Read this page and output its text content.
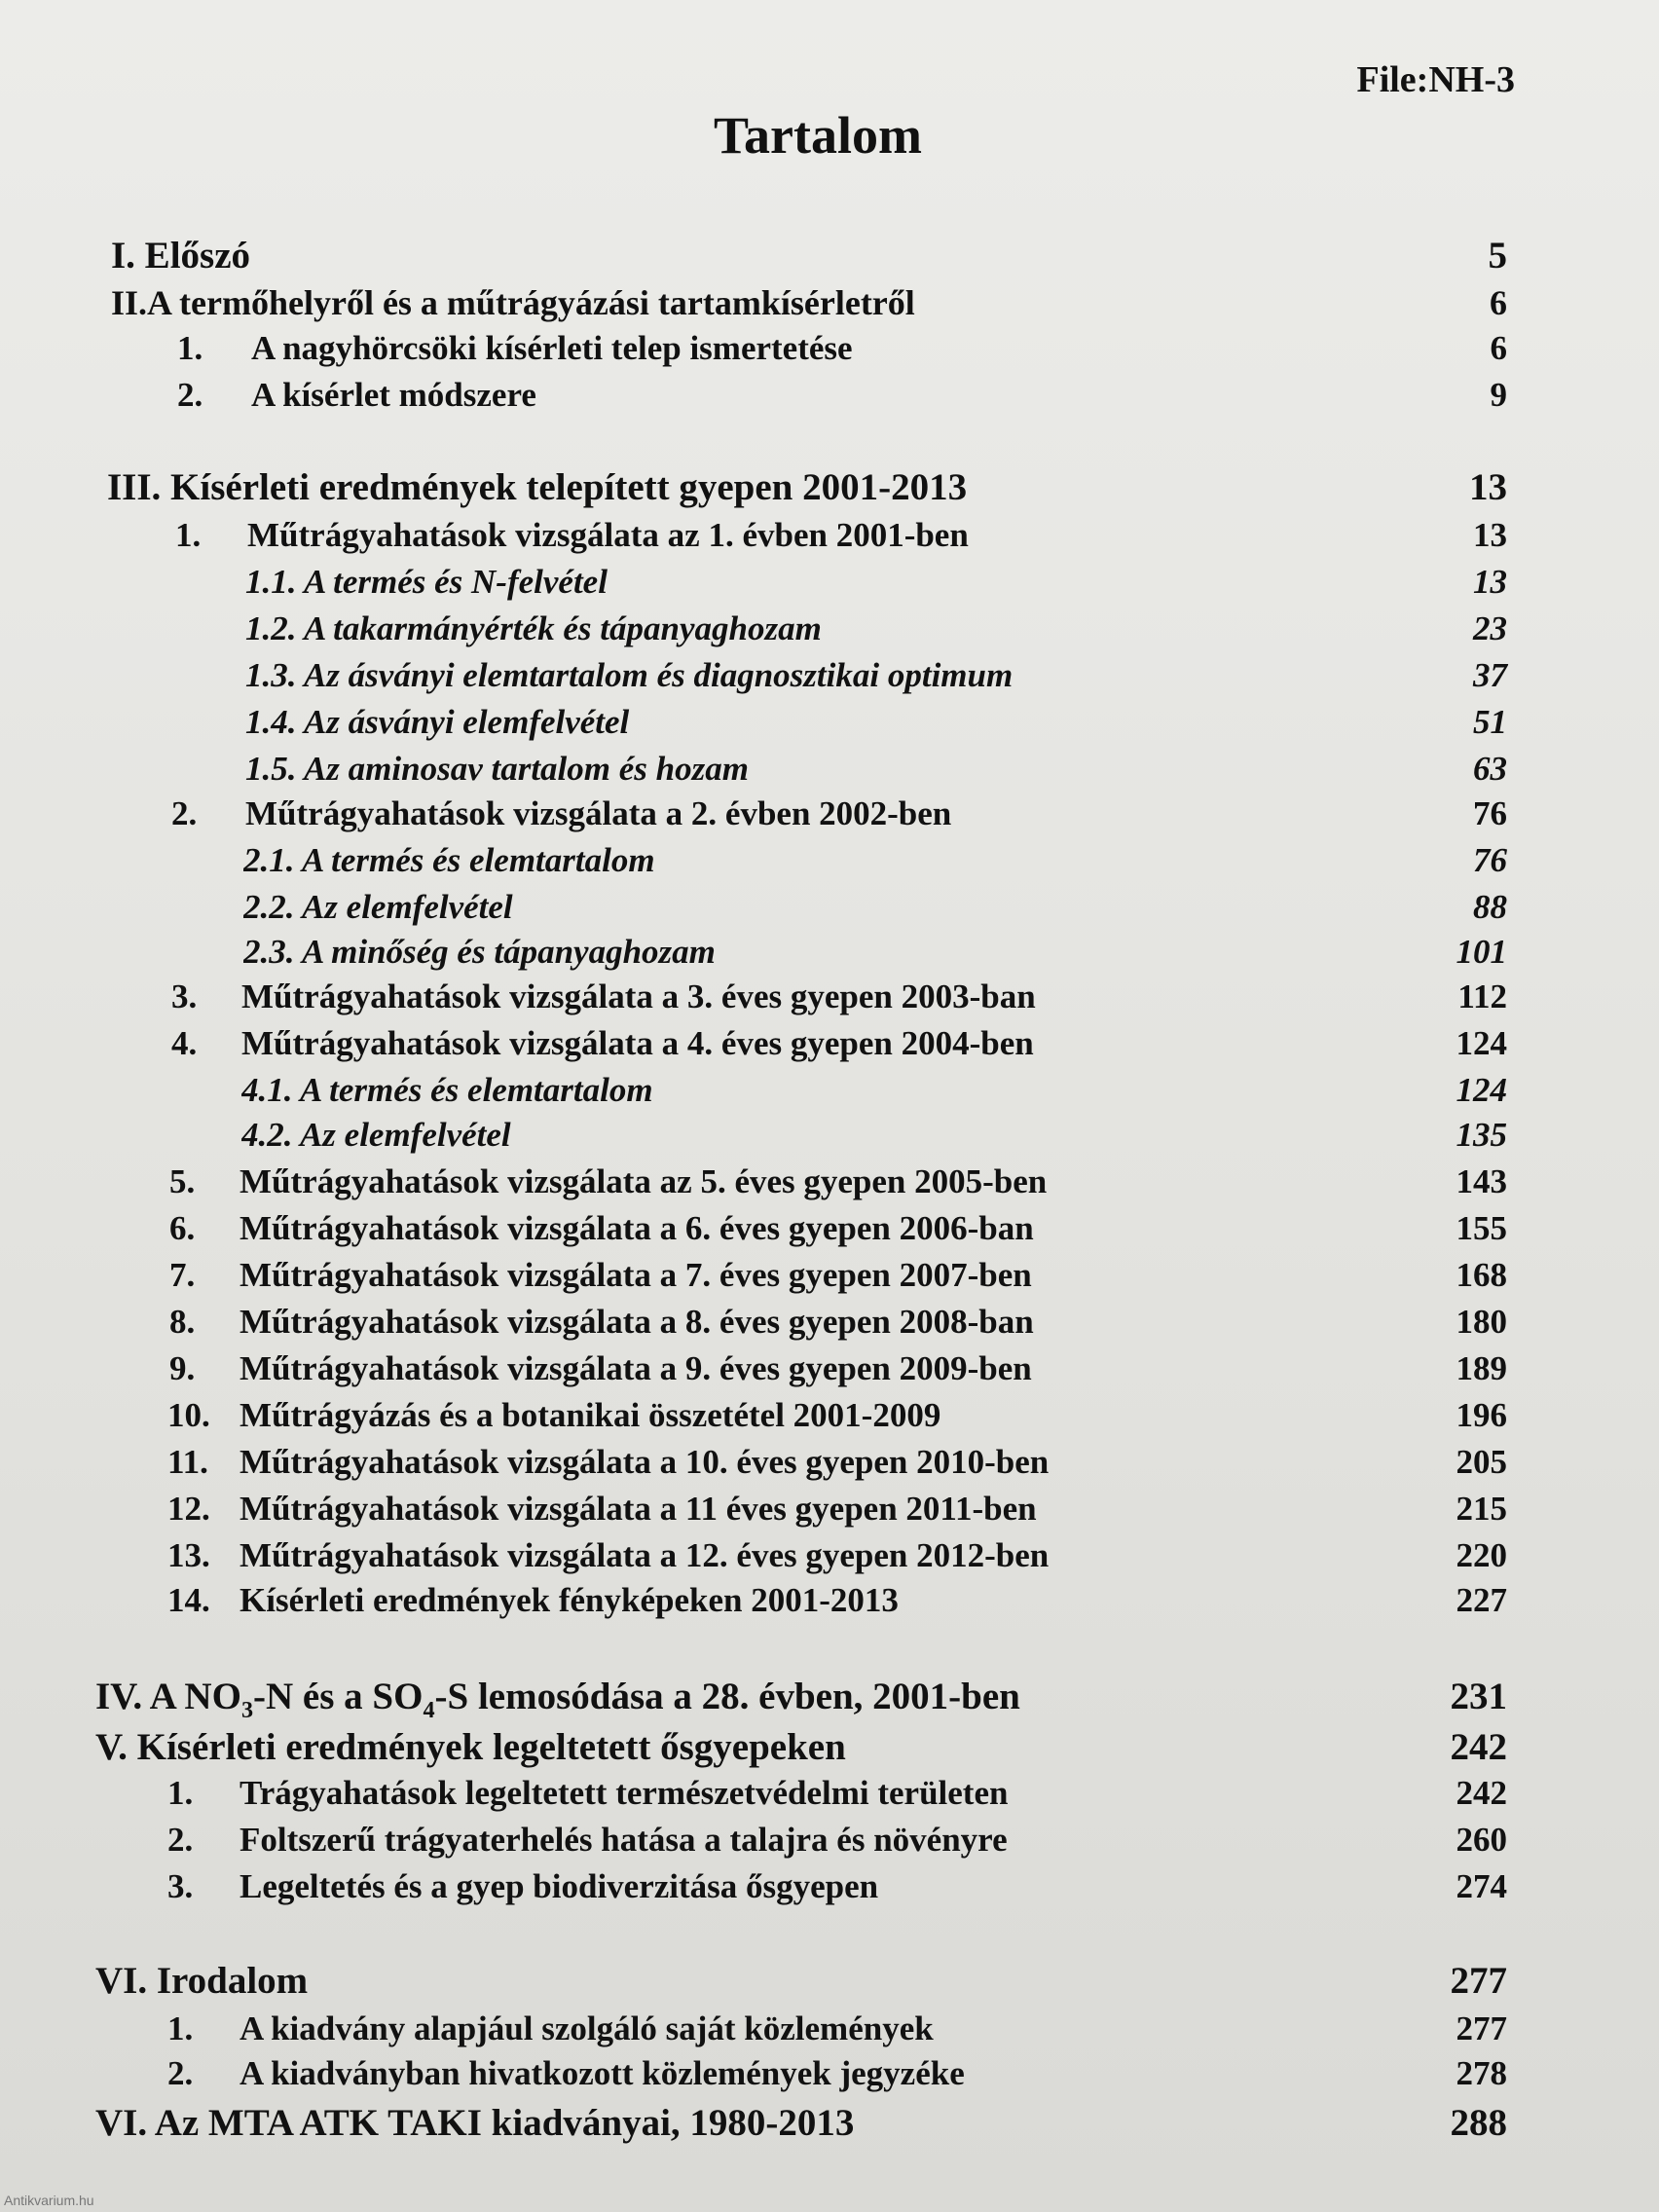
File:NH-3
Tartalom
I. Előszó	5
II.A termőhelyről és a műtrágyázási tartamkísérletről	6
1.	A nagyhörcsöki kísérleti telep ismertetése	6
2.	A kísérlet módszere	9
III. Kísérleti eredmények telepített gyepen 2001-2013	13
1.	Műtrágyahatások vizsgálata az 1. évben 2001-ben	13
1.1. A termés és N-felvétel	13
1.2. A takarmányérték és tápanyaghozam	23
1.3. Az ásványi elemtartalom és diagnosztikai optimum	37
1.4. Az ásványi elemfelvétel	51
1.5. Az aminosav tartalom és hozam	63
2.	Műtrágyahatások vizsgálata a 2. évben 2002-ben	76
2.1. A termés és elemtartalom	76
2.2. Az elemfelvétel	88
2.3. A minőség és tápanyaghozam	101
3.	Műtrágyahatások vizsgálata a 3. éves gyepen 2003-ban	112
4.	Műtrágyahatások vizsgálata a 4. éves gyepen 2004-ben	124
4.1. A termés és elemtartalom	124
4.2. Az elemfelvétel	135
5.	Műtrágyahatások vizsgálata az 5. éves gyepen 2005-ben	143
6.	Műtrágyahatások vizsgálata a 6. éves gyepen 2006-ban	155
7.	Műtrágyahatások vizsgálata a 7. éves gyepen 2007-ben	168
8.	Műtrágyahatások vizsgálata a 8. éves gyepen 2008-ban	180
9.	Műtrágyahatások vizsgálata a 9. éves gyepen 2009-ben	189
10. Műtrágyázás és a botanikai összetétel 2001-2009	196
11. Műtrágyahatások vizsgálata a 10. éves gyepen 2010-ben	205
12. Műtrágyahatások vizsgálata a 11 éves gyepen 2011-ben	215
13. Műtrágyahatások vizsgálata a 12. éves gyepen 2012-ben	220
14. Kísérleti eredmények fényképeken 2001-2013	227
IV. A $NO_3-N$ és a $SO_4-S$ lemosódása a 28. évben, 2001-ben	231
V. Kísérleti eredmények legeltetett ősgyepeken	242
1.	Trágyahatások legeltetett természetvédelmi területen	242
2.	Foltszerű trágyaterhelés hatása a talajra és növényre	260
3.	Legeltetés és a gyep biodiverzitása ősgyepen	274
VI. Irodalom	277
1.	A kiadvány alapjául szolgáló saját közlemények	277
2.	A kiadványban hivatkozott közlemények jegyzéke	278
VI. Az MTA ATK TAKI kiadványai, 1980-2013	288
Antikvarium.hu
